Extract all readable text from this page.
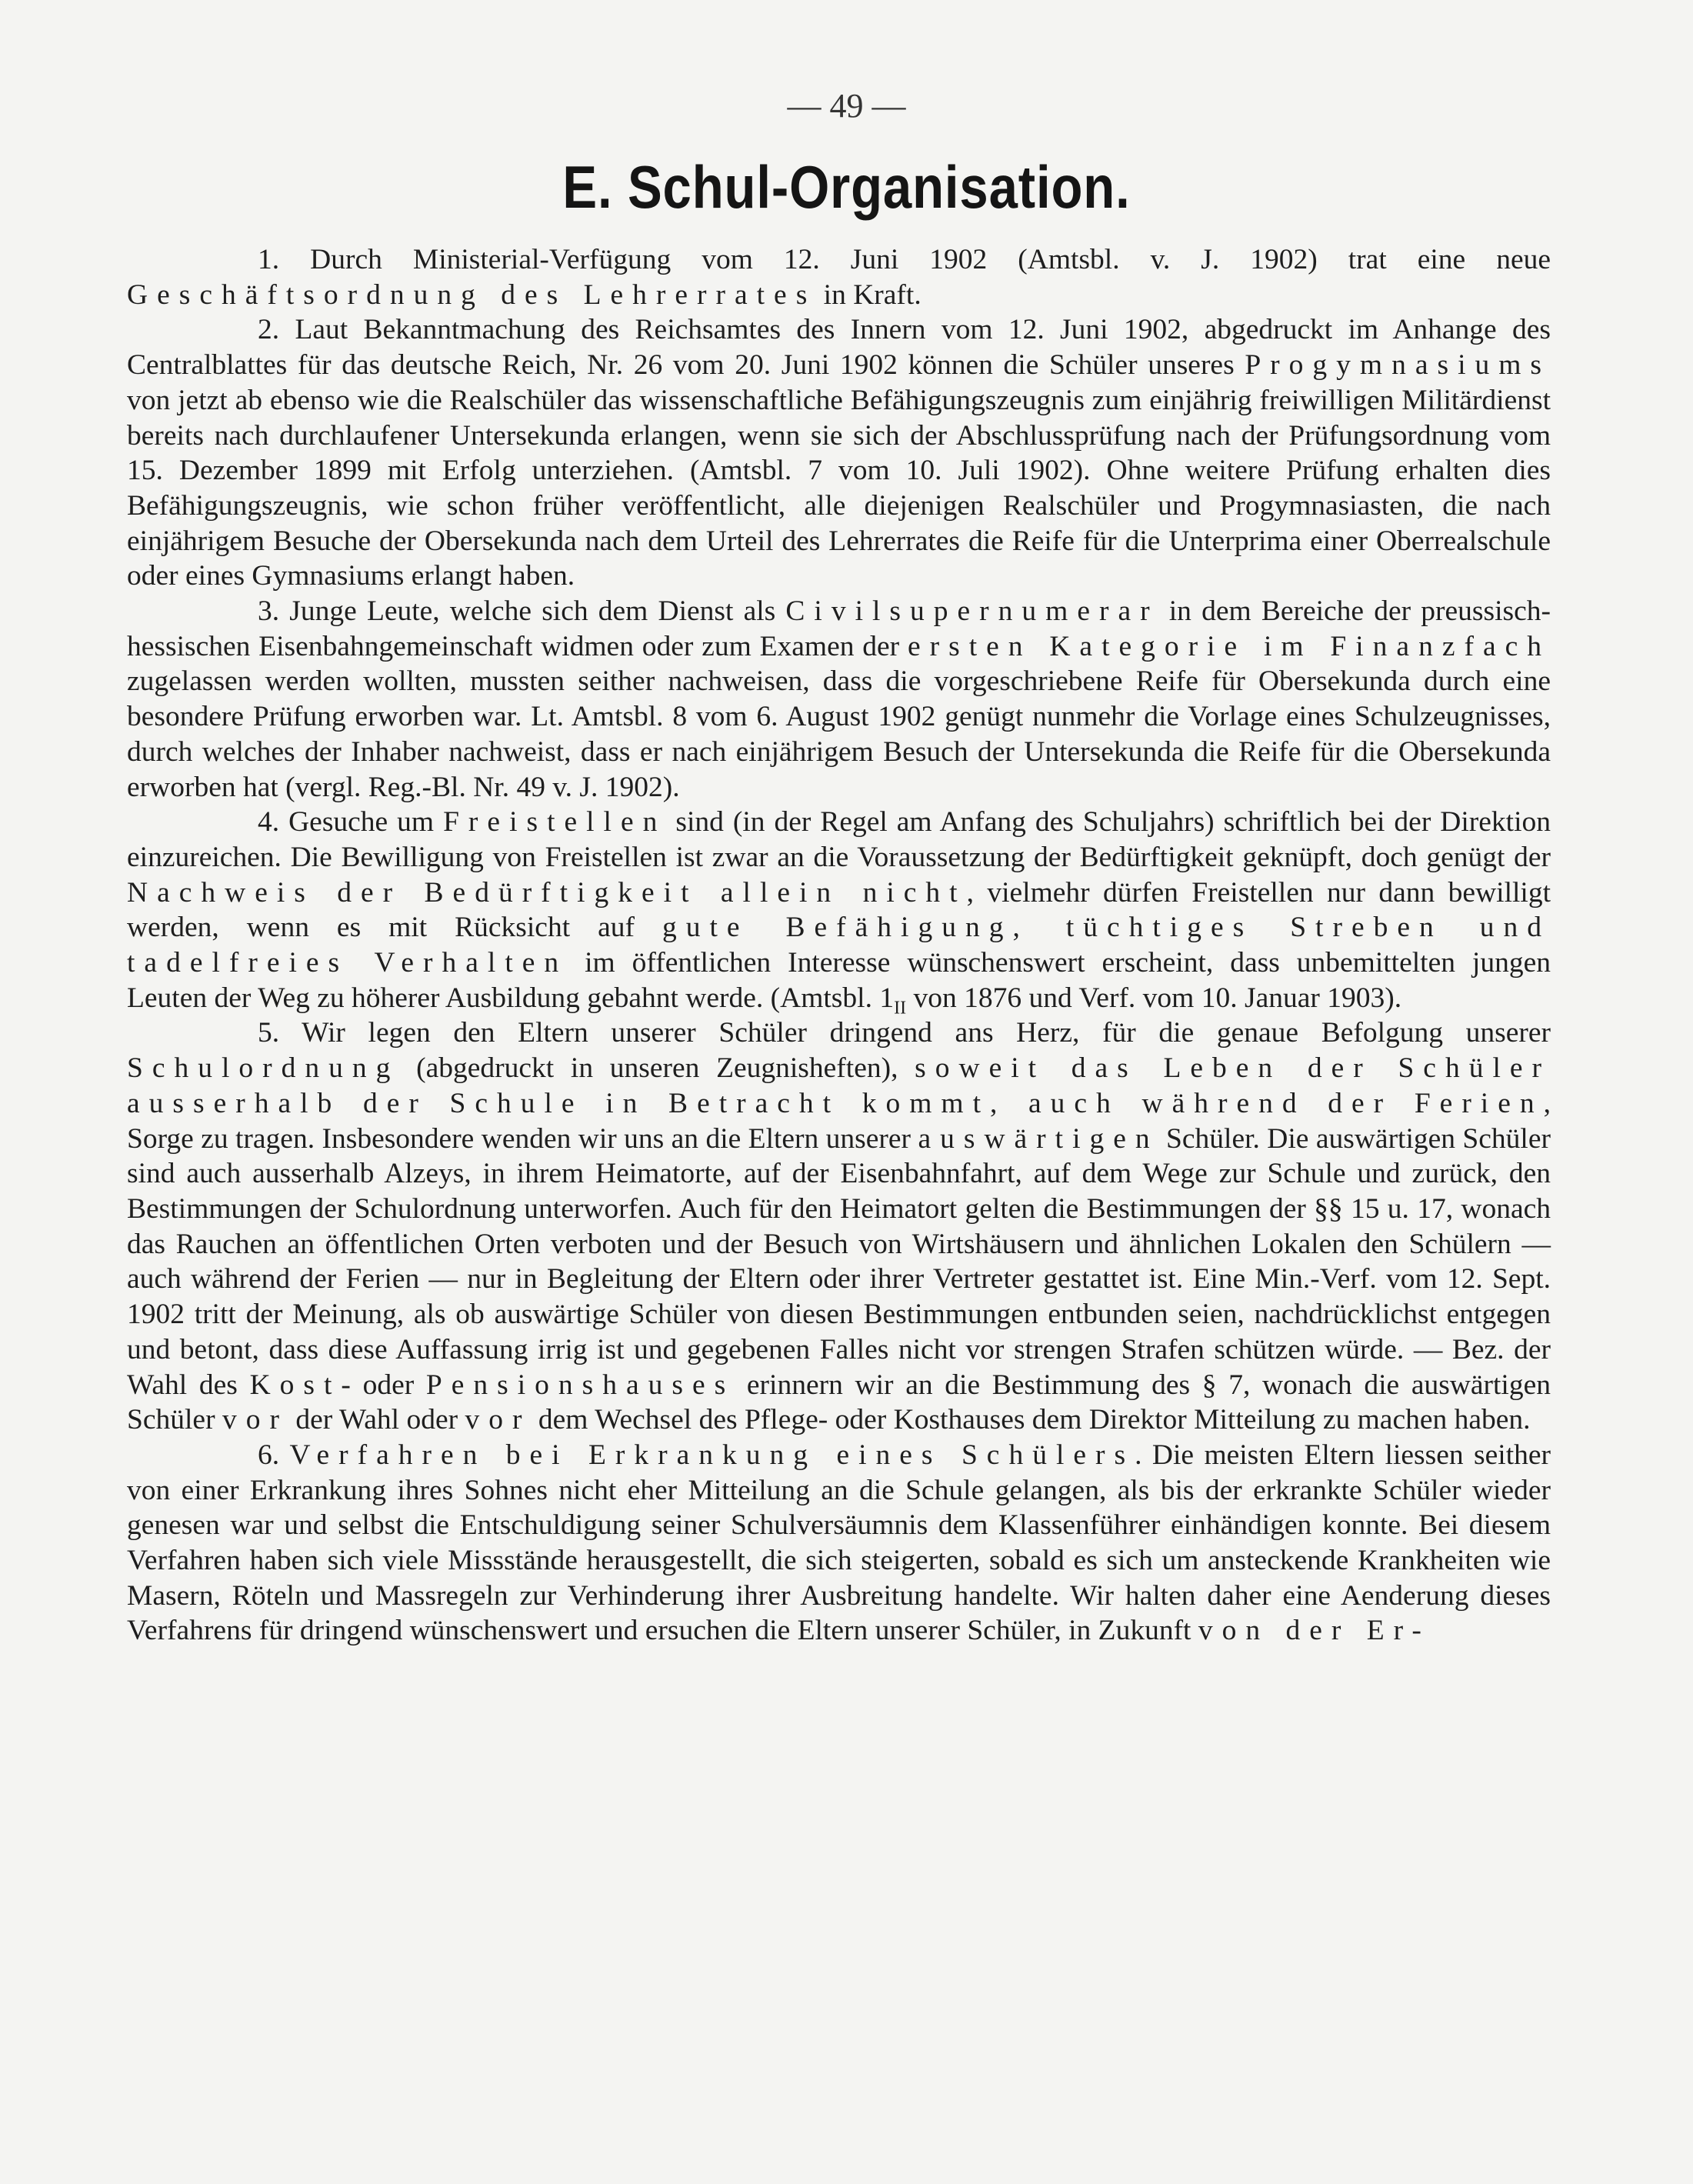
— 49 —
E. Schul-Organisation.

1. Durch Ministerial-Verfügung vom 12. Juni 1902 (Amtsbl. v. J. 1902) trat eine neue Geschäftsordnung des Lehrerrates in Kraft.

2. Laut Bekanntmachung des Reichsamtes des Innern vom 12. Juni 1902, abgedruckt im Anhange des Centralblattes für das deutsche Reich, Nr. 26 vom 20. Juni 1902 können die Schüler unseres Progymnasiums von jetzt ab ebenso wie die Realschüler das wissenschaftliche Befähigungszeugnis zum einjährig freiwilligen Militärdienst bereits nach durchlaufener Untersekunda erlangen, wenn sie sich der Abschlussprüfung nach der Prüfungsordnung vom 15. Dezember 1899 mit Erfolg unterziehen. (Amtsbl. 7 vom 10. Juli 1902). Ohne weitere Prüfung erhalten dies Befähigungszeugnis, wie schon früher veröffentlicht, alle diejenigen Realschüler und Progymnasiasten, die nach einjährigem Besuche der Obersekunda nach dem Urteil des Lehrerrates die Reife für die Unterprima einer Oberrealschule oder eines Gymnasiums erlangt haben.

3. Junge Leute, welche sich dem Dienst als Civilsupernumerar in dem Bereiche der preussisch-hessischen Eisenbahngemeinschaft widmen oder zum Examen der ersten Kategorie im Finanzfach zugelassen werden wollten, mussten seither nachweisen, dass die vorgeschriebene Reife für Obersekunda durch eine besondere Prüfung erworben war. Lt. Amtsbl. 8 vom 6. August 1902 genügt nunmehr die Vorlage eines Schulzeugnisses, durch welches der Inhaber nachweist, dass er nach einjährigem Besuch der Untersekunda die Reife für die Obersekunda erworben hat (vergl. Reg.-Bl. Nr. 49 v. J. 1902).

4. Gesuche um Freistellen sind (in der Regel am Anfang des Schuljahrs) schriftlich bei der Direktion einzureichen. Die Bewilligung von Freistellen ist zwar an die Voraussetzung der Bedürftigkeit geknüpft, doch genügt der Nachweis der Bedürftigkeit allein nicht, vielmehr dürfen Freistellen nur dann bewilligt werden, wenn es mit Rücksicht auf gute Befähigung, tüchtiges Streben und tadelfreies Verhalten im öffentlichen Interesse wünschenswert erscheint, dass unbemittelten jungen Leuten der Weg zu höherer Ausbildung gebahnt werde. (Amtsbl. $1_{II}$ von 1876 und Verf. vom 10. Januar 1903).

5. Wir legen den Eltern unserer Schüler dringend ans Herz, für die genaue Befolgung unserer Schulordnung (abgedruckt in unseren Zeugnisheften), soweit das Leben der Schüler ausserhalb der Schule in Betracht kommt, auch während der Ferien, Sorge zu tragen. Insbesondere wenden wir uns an die Eltern unserer auswärtigen Schüler. Die auswärtigen Schüler sind auch ausserhalb Alzeys, in ihrem Heimatorte, auf der Eisenbahnfahrt, auf dem Wege zur Schule und zurück, den Bestimmungen der Schulordnung unterworfen. Auch für den Heimatort gelten die Bestimmungen der §§ 15 u. 17, wonach das Rauchen an öffentlichen Orten verboten und der Besuch von Wirtshäusern und ähnlichen Lokalen den Schülern — auch während der Ferien — nur in Begleitung der Eltern oder ihrer Vertreter gestattet ist. Eine Min.-Verf. vom 12. Sept. 1902 tritt der Meinung, als ob auswärtige Schüler von diesen Bestimmungen entbunden seien, nachdrücklichst entgegen und betont, dass diese Auffassung irrig ist und gegebenen Falles nicht vor strengen Strafen schützen würde. — Bez. der Wahl des Kost- oder Pensionshauses erinnern wir an die Bestimmung des § 7, wonach die auswärtigen Schüler vor der Wahl oder vor dem Wechsel des Pflege- oder Kosthauses dem Direktor Mitteilung zu machen haben.

6. Verfahren bei Erkrankung eines Schülers. Die meisten Eltern liessen seither von einer Erkrankung ihres Sohnes nicht eher Mitteilung an die Schule gelangen, als bis der erkrankte Schüler wieder genesen war und selbst die Entschuldigung seiner Schulversäumnis dem Klassenführer einhändigen konnte. Bei diesem Verfahren haben sich viele Missstände herausgestellt, die sich steigerten, sobald es sich um ansteckende Krankheiten wie Masern, Röteln und Massregeln zur Verhinderung ihrer Ausbreitung handelte. Wir halten daher eine Aenderung dieses Verfahrens für dringend wünschenswert und ersuchen die Eltern unserer Schüler, in Zukunft von der Er-
